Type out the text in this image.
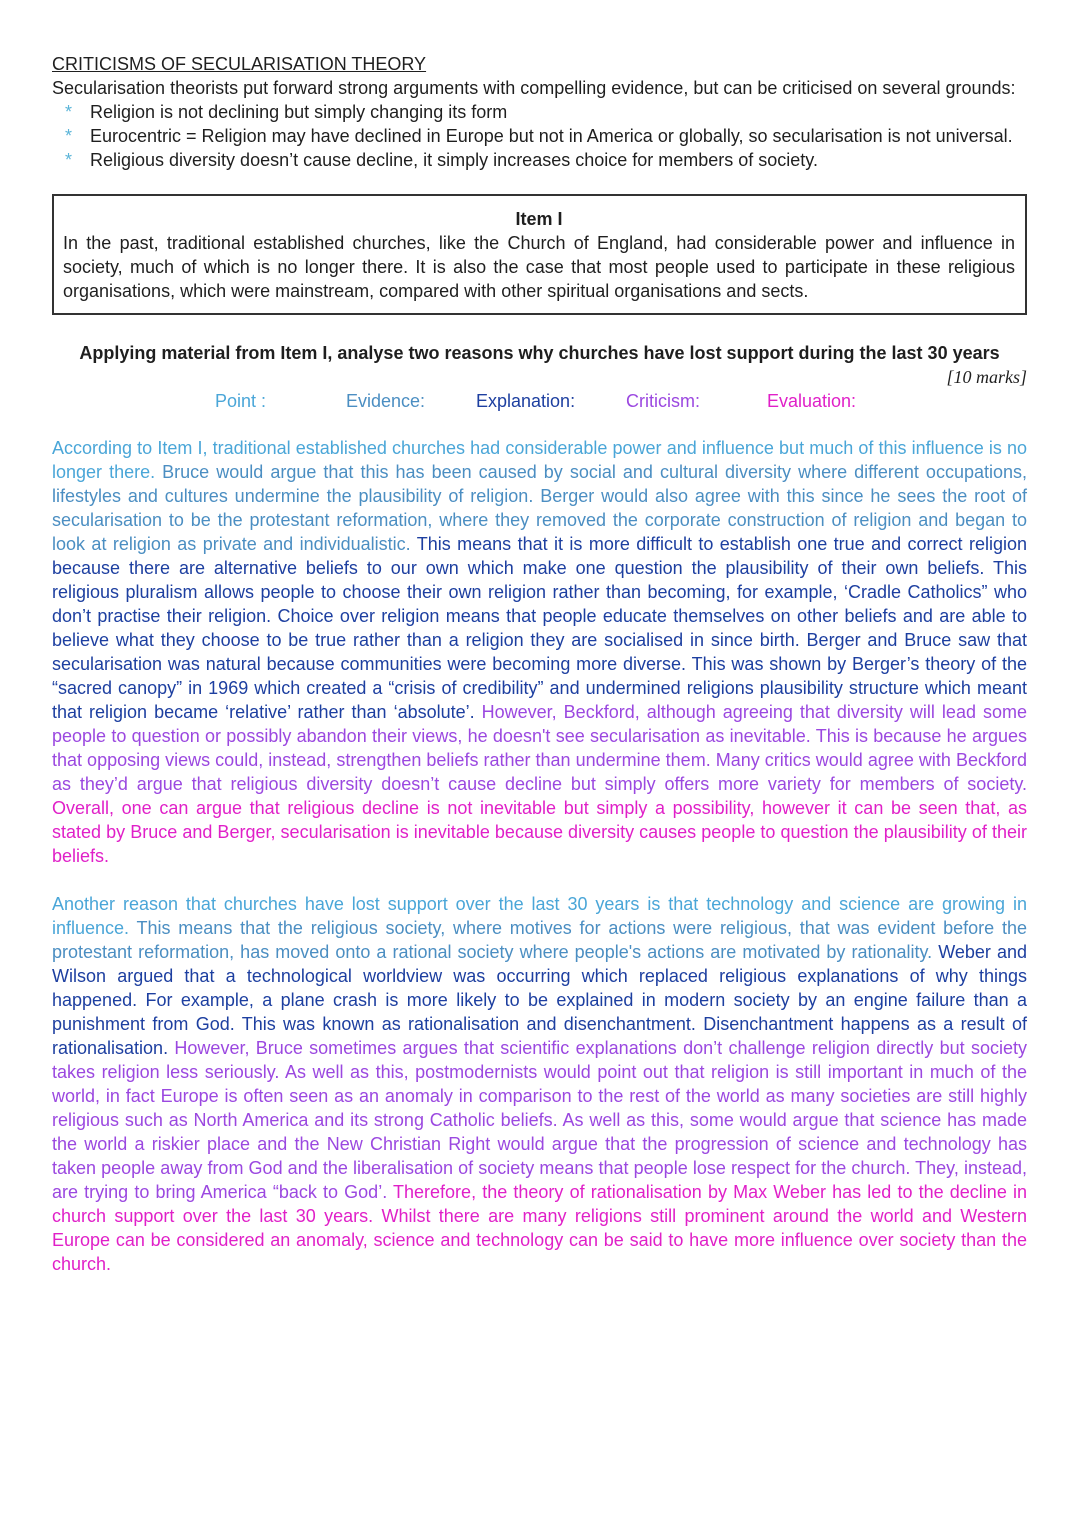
CRITICISMS OF SECULARISATION THEORY

Secularisation theorists put forward strong arguments with compelling evidence, but can be criticised on several grounds:

* Religion is not declining but simply changing its form
* Eurocentric = Religion may have declined in Europe but not in America or globally, so secularisation is not universal.
* Religious diversity doesn’t cause decline, it simply increases choice for members of society.
Item I
In the past, traditional established churches, like the Church of England, had considerable power and influence in society, much of which is no longer there. It is also the case that most people used to participate in these religious organisations, which were mainstream, compared with other spiritual organisations and sects.
Applying material from Item I, analyse two reasons why churches have lost support during the last 30 years
[10 marks]
Point :	Evidence:	Explanation:	Criticism:	Evaluation:

According to Item I, traditional established churches had considerable power and influence but much of this influence is no longer there. Bruce would argue that this has been caused by social and cultural diversity where different occupations, lifestyles and cultures undermine the plausibility of religion. Berger would also agree with this since he sees the root of secularisation to be the protestant reformation, where they removed the corporate construction of religion and began to look at religion as private and individualistic. This means that it is more difficult to establish one true and correct religion because there are alternative beliefs to our own which make one question the plausibility of their own beliefs. This religious pluralism allows people to choose their own religion rather than becoming, for example, ‘Cradle Catholics” who don’t practise their religion. Choice over religion means that people educate themselves on other beliefs and are able to believe what they choose to be true rather than a religion they are socialised in since birth. Berger and Bruce saw that secularisation was natural because communities were becoming more diverse. This was shown by Berger’s theory of the “sacred canopy” in 1969 which created a “crisis of credibility” and undermined religions plausibility structure which meant that religion became ‘relative’ rather than ‘absolute’. However, Beckford, although agreeing that diversity will lead some people to question or possibly abandon their views, he doesn't see secularisation as inevitable. This is because he argues that opposing views could, instead, strengthen beliefs rather than undermine them. Many critics would agree with Beckford as they’d argue that religious diversity doesn’t cause decline but simply offers more variety for members of society. Overall, one can argue that religious decline is not inevitable but simply a possibility, however it can be seen that, as stated by Bruce and Berger, secularisation is inevitable because diversity causes people to question the plausibility of their beliefs.

Another reason that churches have lost support over the last 30 years is that technology and science are growing in influence. This means that the religious society, where motives for actions were religious, that was evident before the protestant reformation, has moved onto a rational society where people's actions are motivated by rationality. Weber and Wilson argued that a technological worldview was occurring which replaced religious explanations of why things happened. For example, a plane crash is more likely to be explained in modern society by an engine failure than a punishment from God. This was known as rationalisation and disenchantment. Disenchantment happens as a result of rationalisation. However, Bruce sometimes argues that scientific explanations don’t challenge religion directly but society takes religion less seriously. As well as this, postmodernists would point out that religion is still important in much of the world, in fact Europe is often seen as an anomaly in comparison to the rest of the world as many societies are still highly religious such as North America and its strong Catholic beliefs. As well as this, some would argue that science has made the world a riskier place and the New Christian Right would argue that the progression of science and technology has taken people away from God and the liberalisation of society means that people lose respect for the church. They, instead, are trying to bring America “back to God’. Therefore, the theory of rationalisation by Max Weber has led to the decline in church support over the last 30 years. Whilst there are many religions still prominent around the world and Western Europe can be considered an anomaly, science and technology can be said to have more influence over society than the church.
